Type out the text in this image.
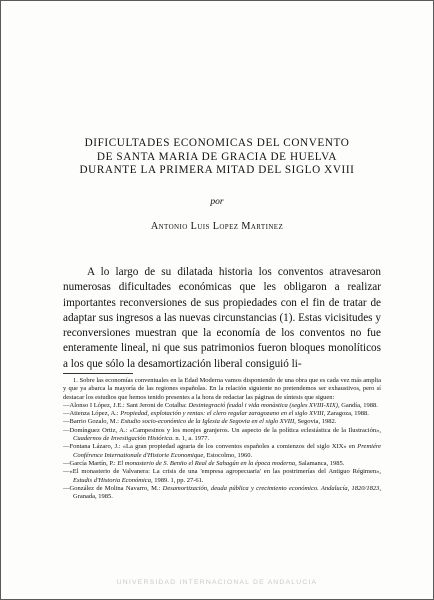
DIFICULTADES ECONOMICAS DEL CONVENTO
DE SANTA MARIA DE GRACIA DE HUELVA
DURANTE LA PRIMERA MITAD DEL SIGLO XVIII
por
Antonio Luis Lopez Martinez

A lo largo de su dilatada historia los conventos atravesaron numerosas dificultades económicas que les obligaron a realizar importantes reconversiones de sus propiedades con el fin de tratar de adaptar sus ingresos a las nuevas circunstancias (1). Estas vicisitudes y reconversiones muestran que la economía de los conventos no fue enteramente lineal, ni que sus patrimonios fueron bloques monolíticos a los que sólo la desamortización liberal consiguió li-

1. Sobre las economías conventuales en la Edad Moderna vamos disponiendo de una obra que es cada vez más amplia y que ya abarca la mayoría de las regiones españolas. En la relación siguiente no pretendemos ser exhaustivos, pero sí destacar los estudios que hemos tenido presentes a la hora de redactar las páginas de síntesis que siguen:

—Alonso I López, J.E.: Sant Jeroni de Cotalba: Desintegració feudal i vida monàstica (segles XVIII-XIX), Gandía, 1988.

—Atienza López, A.: Propiedad, explotación y rentas: el clero regular zaragozano en el siglo XVIII, Zaragoza, 1988.

—Barrio Gozalo, M.: Estudio socio-económico de la Iglesia de Segovia en el siglo XVIII, Segovia, 1982.

—Domínguez Ortiz, A.: «Campesinos y los monjes granjeros. Un aspecto de la política eclesiástica de la Ilustración», Cuadernos de Investigación Histórica. n. 1, a. 1977.

—Fontana Lázaro, J.: «La gran propiedad agraria de los conventos españoles a comienzos del siglo XIX» en Premiére Conférence Internationale d'Historie Economique, Estocolmo, 1960.

—García Martín, P.: El monasterio de S. Benito el Real de Sahagún en la época moderna, Salamanca, 1985.

—«El monasterio de Valvanera: La crisis de una 'empresa agropecuaria' en las postrimerías del Antiguo Régimen», Estudis d'Historia Económica, 1989. 1, pp. 27-61.

—González de Molina Navarro, M.: Desamortización, deuda pública y crecimiento económico. Andalucía, 1820/1823, Granada, 1985.

UNIVERSIDAD INTERNACIONAL DE ANDALUCIA
